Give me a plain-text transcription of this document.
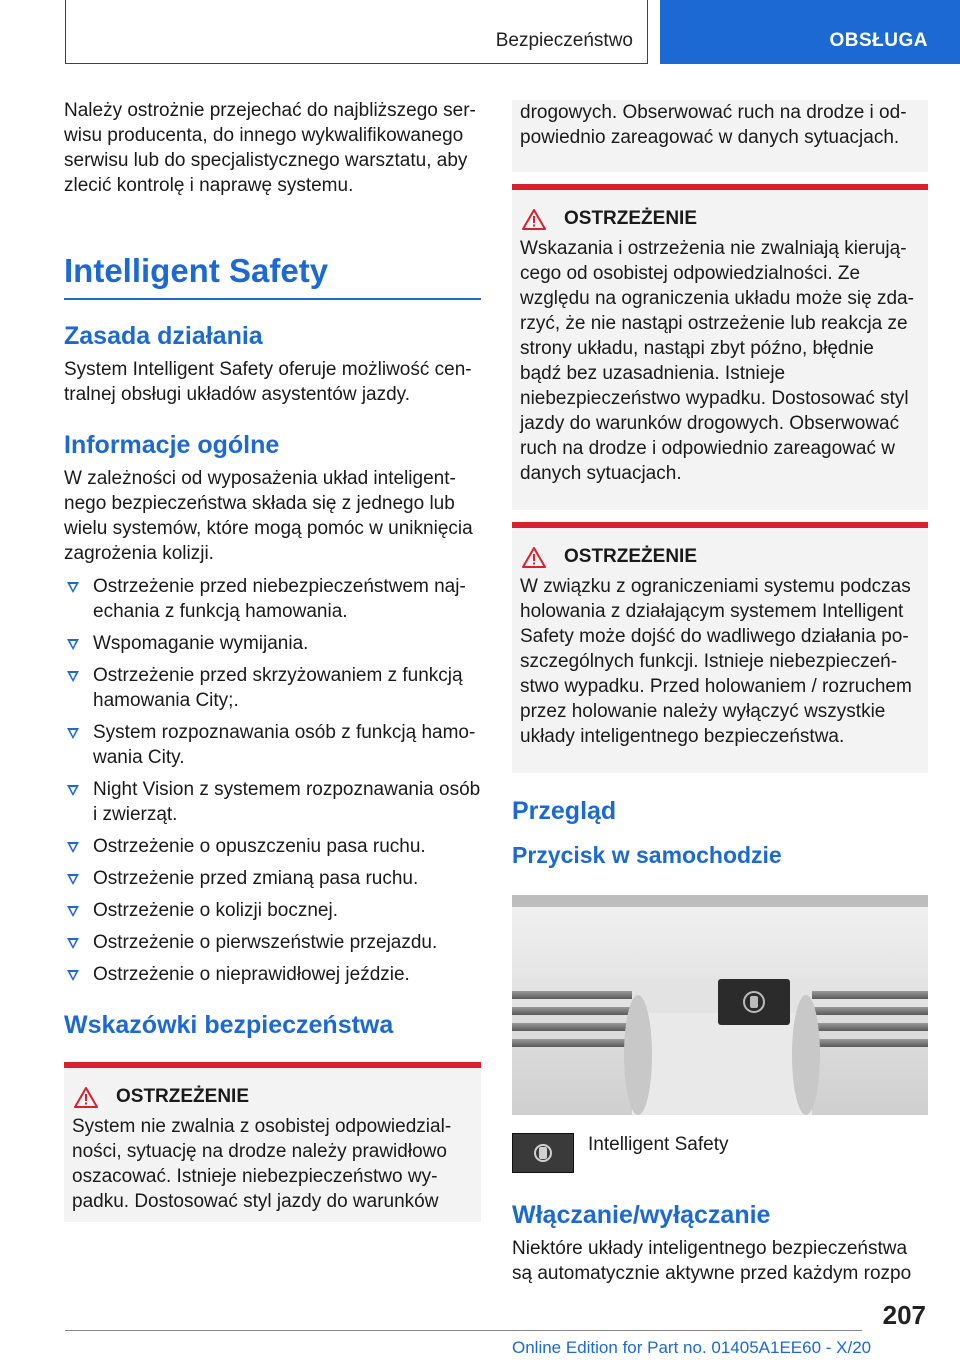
Bezpieczeństwo	OBSŁUGA

Należy ostrożnie przejechać do najbliższego serwisu producenta, do innego wykwalifikowanego serwisu lub do specjalistycznego warsztatu, aby zlecić kontrolę i naprawę systemu.

Intelligent Safety
Zasada działania

System Intelligent Safety oferuje możliwość centralnej obsługi układów asystentów jazdy.

Informacje ogólne

W zależności od wyposażenia układ inteligentnego bezpieczeństwa składa się z jednego lub wielu systemów, które mogą pomóc w uniknięcia zagrożenia kolizji.

Ostrzeżenie przed niebezpieczeństwem najechania z funkcją hamowania.
Wspomaganie wymijania.
Ostrzeżenie przed skrzyżowaniem z funkcją hamowania City;.
System rozpoznawania osób z funkcją hamowania City.
Night Vision z systemem rozpoznawania osób i zwierząt.
Ostrzeżenie o opuszczeniu pasa ruchu.
Ostrzeżenie przed zmianą pasa ruchu.
Ostrzeżenie o kolizji bocznej.
Ostrzeżenie o pierwszeństwie przejazdu.
Ostrzeżenie o nieprawidłowej jeździe.
Wskazówki bezpieczeństwa
OSTRZEŻENIE

System nie zwalnia z osobistej odpowiedzialności, sytuację na drodze należy prawidłowo oszacować. Istnieje niebezpieczeństwo wypadku. Dostosować styl jazdy do warunków

drogowych. Obserwować ruch na drodze i odpowiednio zareagować w danych sytuacjach.

OSTRZEŻENIE

Wskazania i ostrzeżenia nie zwalniają kierującego od osobistej odpowiedzialności. Ze względu na ograniczenia układu może się zdarzyć, że nie nastąpi ostrzeżenie lub reakcja ze strony układu, nastąpi zbyt późno, błędnie bądź bez uzasadnienia. Istnieje niebezpieczeństwo wypadku. Dostosować styl jazdy do warunków drogowych. Obserwować ruch na drodze i odpowiednio zareagować w danych sytuacjach.

OSTRZEŻENIE

W związku z ograniczeniami systemu podczas holowania z działającym systemem Intelligent Safety może dojść do wadliwego działania poszczególnych funkcji. Istnieje niebezpieczeństwo wypadku. Przed holowaniem / rozruchem przez holowanie należy wyłączyć wszystkie układy inteligentnego bezpieczeństwa.

Przegląd
Przycisk w samochodzie
Intelligent Safety
Włączanie/wyłączanie

Niektóre układy inteligentnego bezpieczeństwa są automatycznie aktywne przed każdym rozpo

207
Online Edition for Part no. 01405A1EE60 - X/20
